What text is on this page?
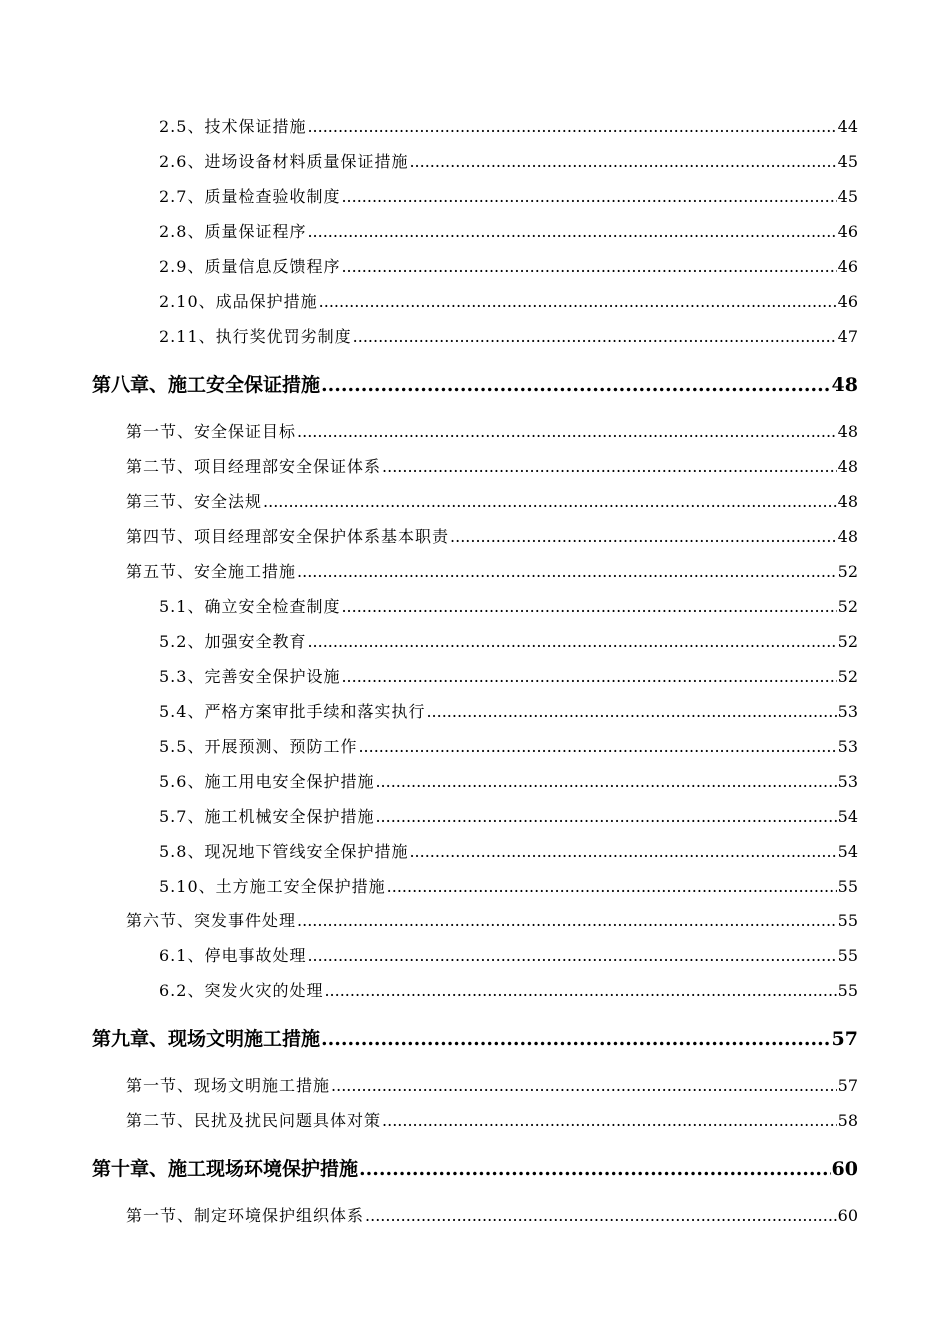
2.5、技术保证措施 .....	44
2.6、进场设备材料质量保证措施 .....	45
2.7、质量检查验收制度 .....	45
2.8、质量保证程序 .....	46
2.9、质量信息反馈程序 .....	46
2.10、成品保护措施 .....	46
2.11、执行奖优罚劣制度 .....	47
第八章、施工安全保证措施 .....	48
第一节、安全保证目标 .....	48
第二节、项目经理部安全保证体系 .....	48
第三节、安全法规 .....	48
第四节、项目经理部安全保护体系基本职责 .....	48
第五节、安全施工措施 .....	52
5.1、确立安全检查制度 .....	52
5.2、加强安全教育 .....	52
5.3、完善安全保护设施 .....	52
5.4、严格方案审批手续和落实执行 .....	53
5.5、开展预测、预防工作 .....	53
5.6、施工用电安全保护措施 .....	53
5.7、施工机械安全保护措施 .....	54
5.8、现况地下管线安全保护措施 .....	54
5.10、土方施工安全保护措施 .....	55
第六节、突发事件处理 .....	55
6.1、停电事故处理 .....	55
6.2、突发火灾的处理 .....	55
第九章、现场文明施工措施 .....	57
第一节、现场文明施工措施 .....	57
第二节、民扰及扰民问题具体对策 .....	58
第十章、施工现场环境保护措施 .....	60
第一节、制定环境保护组织体系 .....	60
